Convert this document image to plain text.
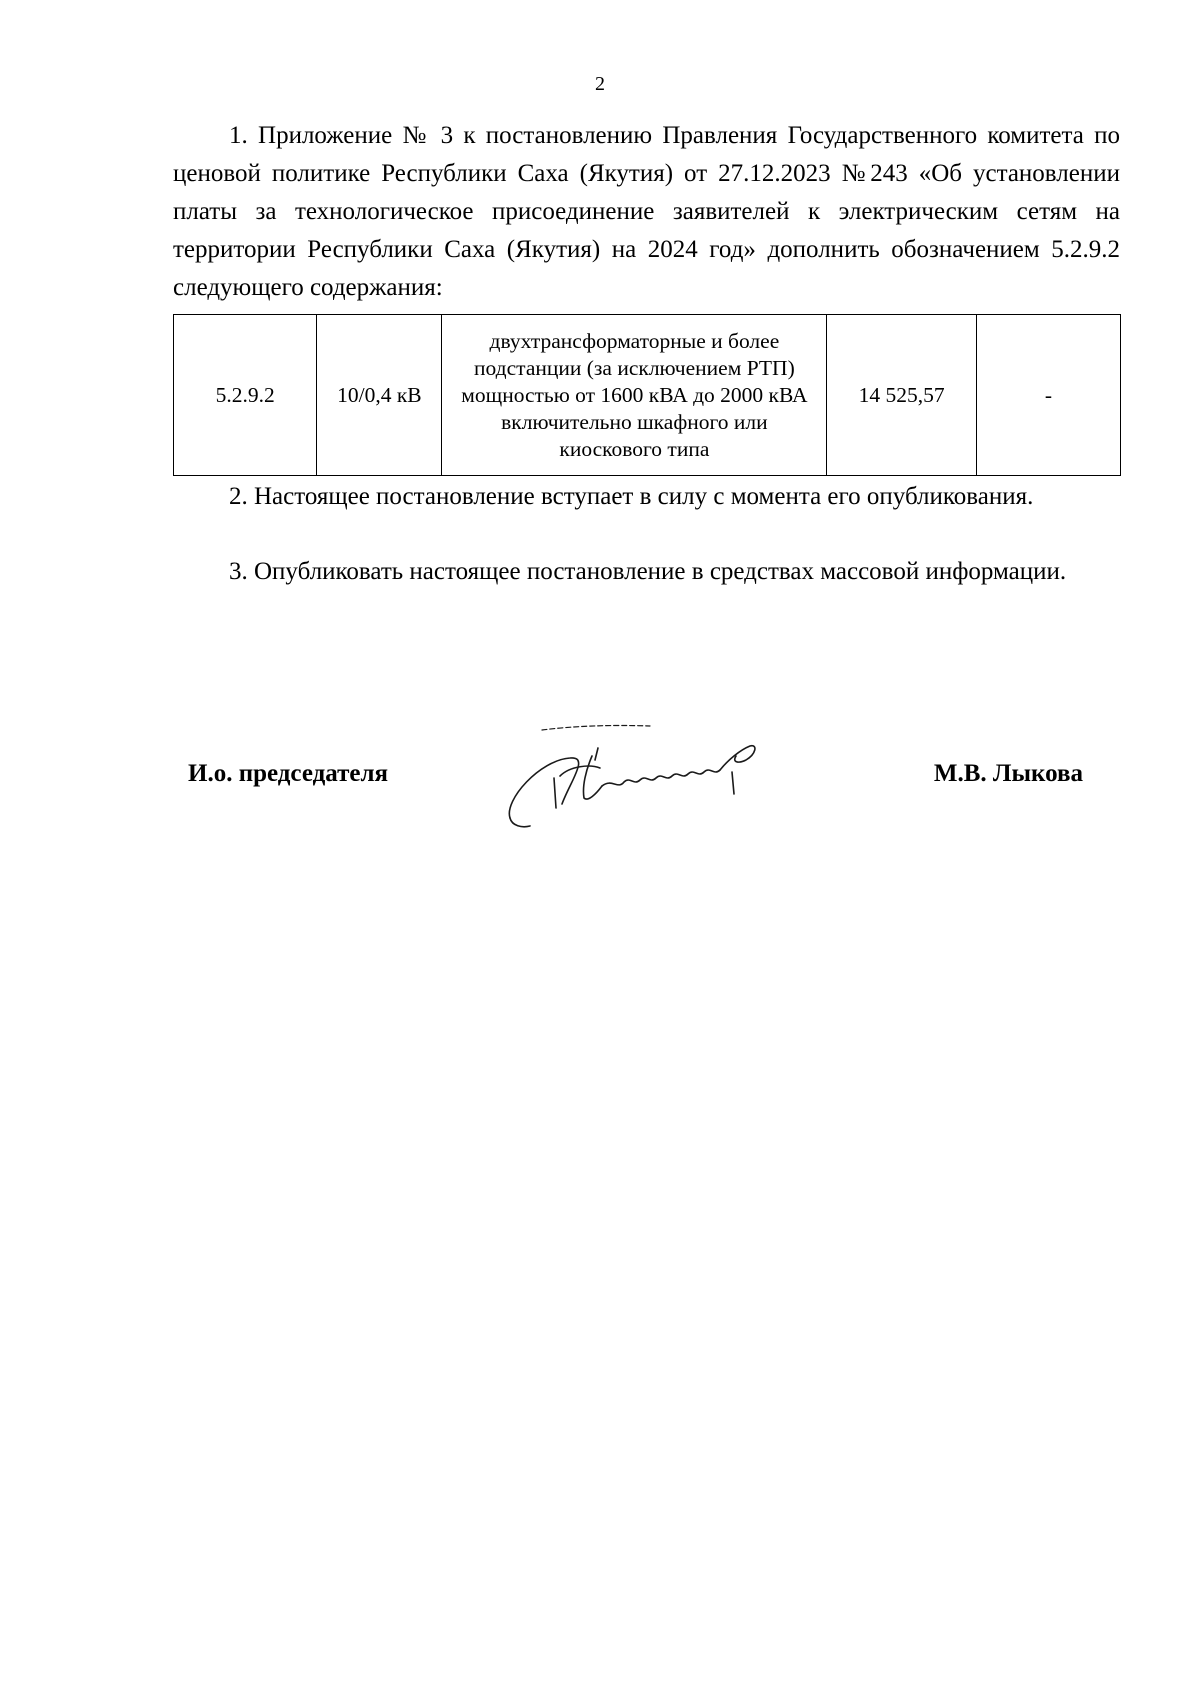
2

1. Приложение № 3 к постановлению Правления Государственного комитета по ценовой политике Республики Саха (Якутия) от 27.12.2023 №243 «Об установлении платы за технологическое присоединение заявителей к электрическим сетям на территории Республики Саха (Якутия) на 2024 год» дополнить обозначением 5.2.9.2 следующего содержания:

5.2.9.2	10/0,4 кВ	двухтрансформаторные и более подстанции (за исключением РТП) мощностью от 1600 кВА до 2000 кВА включительно шкафного или киоскового типа	14 525,57	-

2. Настоящее постановление вступает в силу с момента его опубликования.

3. Опубликовать настоящее постановление в средствах массовой информации.

И.о. председателя	М.В. Лыкова
